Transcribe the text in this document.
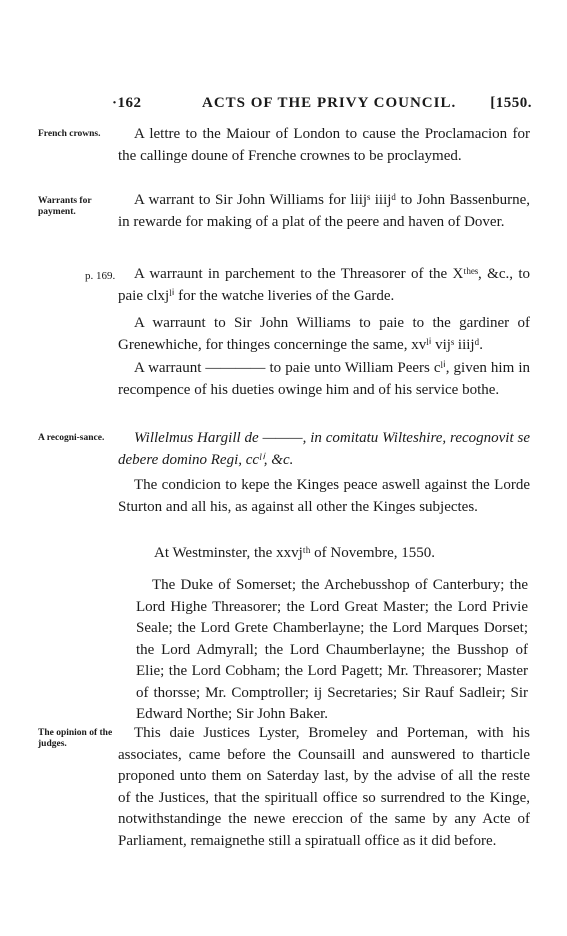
·162	ACTS OF THE PRIVY COUNCIL. [1550.
French crowns.	A lettre to the Maiour of London to cause the Proclamacion for the callinge doune of Frenche crownes to be proclaymed.
Warrants for payment.
A warrant to Sir John Williams for liijˢ iiijᵈ to John Bassenburne, in rewarde for making of a plat of the peere and haven of Dover.
p. 169.	A warraunt in parchement to the Threasorer of the Xᵗʰᵉˢ, &c., to paie clxjˡⁱ for the watche liveries of the Garde.
A warraunt to Sir John Williams to paie to the gardiner of Grenewhiche, for thinges concerninge the same, xvˡⁱ vijˢ iiijᵈ.
A warraunt ———— to paie unto William Peers cˡⁱ, given him in recompence of his dueties owinge him and of his service bothe.
A recogni-sance.	Willelmus Hargill de ———, in comitatu Wilteshire, recognovit se debere domino Regi, ccˡⁱ, &c.
The condicion to kepe the Kinges peace aswell against the Lorde Sturton and all his, as against all other the Kinges subjectes.
At Westminster, the xxvjᵗʰ of Novembre, 1550.
The Duke of Somerset; the Archebusshop of Canterbury; the Lord Highe Threasorer; the Lord Great Master; the Lord Privie Seale; the Lord Grete Chamberlayne; the Lord Marques Dorset; the Lord Admyrall; the Lord Chaumberlayne; the Busshop of Elie; the Lord Cobham; the Lord Pagett; Mr. Threasorer; Master of thorsse; Mr. Comptroller; ij Secretaries; Sir Rauf Sadleir; Sir Edward Northe; Sir John Baker.
The opinion of the judges.
This daie Justices Lyster, Bromeley and Porteman, with his associates, came before the Counsaill and aunswered to tharticle proponed unto them on Saterday last, by the advise of all the reste of the Justices, that the spirituall office so surrendred to the Kinge, notwithstandinge the newe ereccion of the same by any Acte of Parliament, remaignethe still a spiratuall office as it did before.
